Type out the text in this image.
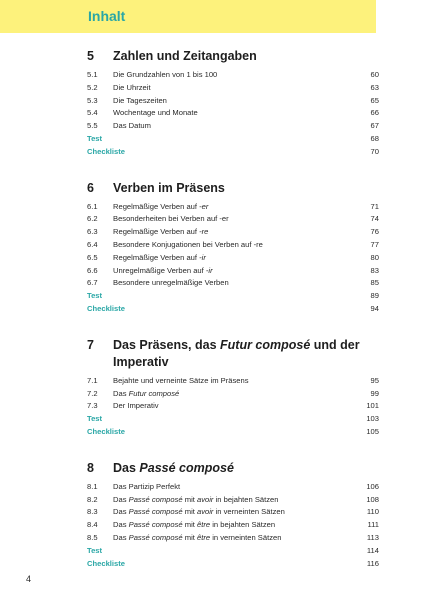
Inhalt
5	Zahlen und Zeitangaben
5.1	Die Grundzahlen von 1 bis 100	60
5.2	Die Uhrzeit	63
5.3	Die Tageszeiten	65
5.4	Wochentage und Monate	66
5.5	Das Datum	67
Test	68
Checkliste	70
6	Verben im Präsens
6.1	Regelmäßige Verben auf -er	71
6.2	Besonderheiten bei Verben auf -er	74
6.3	Regelmäßige Verben auf -re	76
6.4	Besondere Konjugationen bei Verben auf -re	77
6.5	Regelmäßige Verben auf -ir	80
6.6	Unregelmäßige Verben auf -ir	83
6.7	Besondere unregelmäßige Verben	85
Test	89
Checkliste	94
7	Das Präsens, das Futur composé und der Imperativ
7.1	Bejahte und verneinte Sätze im Präsens	95
7.2	Das Futur composé	99
7.3	Der Imperativ	101
Test	103
Checkliste	105
8	Das Passé composé
8.1	Das Partizip Perfekt	106
8.2	Das Passé composé mit avoir in bejahten Sätzen	108
8.3	Das Passé composé mit avoir in verneinten Sätzen	110
8.4	Das Passé composé mit être in bejahten Sätzen	111
8.5	Das Passé composé mit être in verneinten Sätzen	113
Test	114
Checkliste	116
4
